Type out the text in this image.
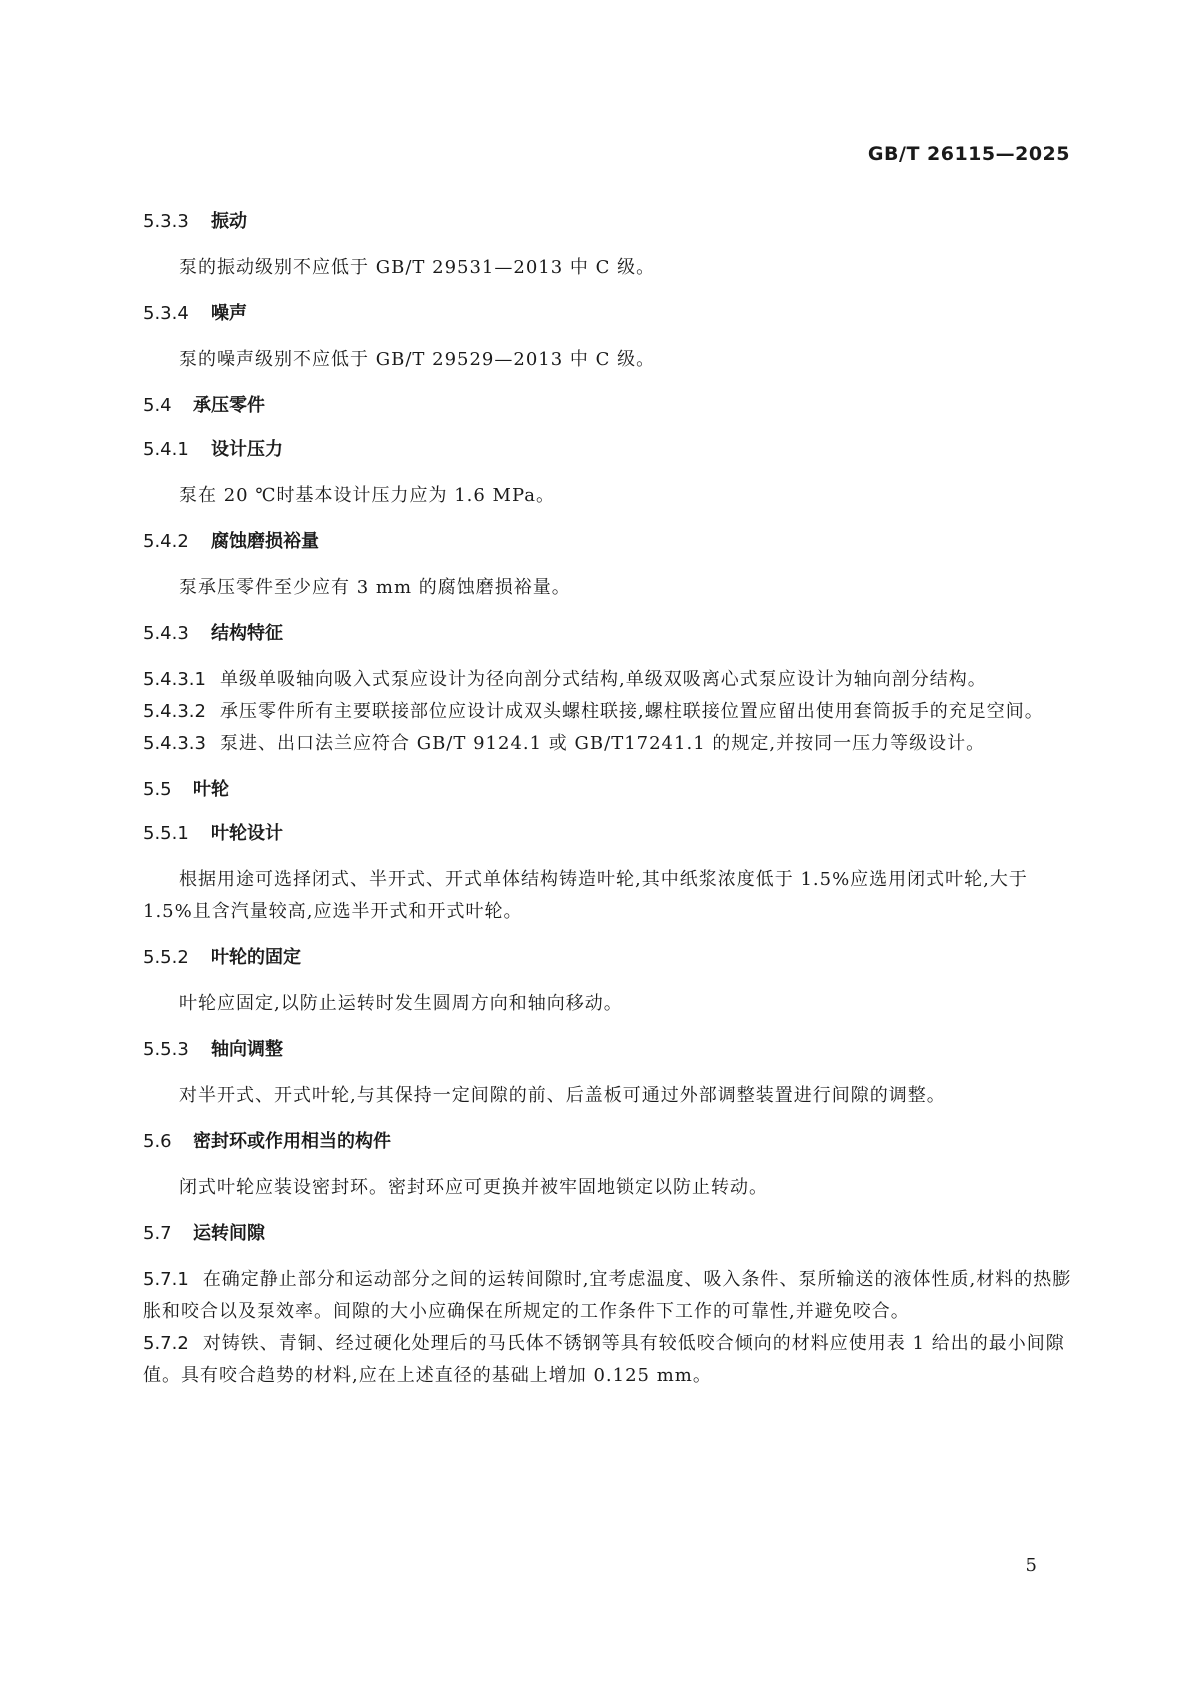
GB/T 26115—2025
5.3.3 振动

泵的振动级别不应低于 GB/T 29531—2013 中 C 级。

5.3.4 噪声

泵的噪声级别不应低于 GB/T 29529—2013 中 C 级。

5.4 承压零件
5.4.1 设计压力

泵在 20 ℃时基本设计压力应为 1.6 MPa。

5.4.2 腐蚀磨损裕量

泵承压零件至少应有 3 mm 的腐蚀磨损裕量。

5.4.3 结构特征

5.4.3.1 单级单吸轴向吸入式泵应设计为径向剖分式结构,单级双吸离心式泵应设计为轴向剖分结构。

5.4.3.2 承压零件所有主要联接部位应设计成双头螺柱联接,螺柱联接位置应留出使用套筒扳手的充足空间。

5.4.3.3 泵进、出口法兰应符合 GB/T 9124.1 或 GB/T17241.1 的规定,并按同一压力等级设计。

5.5 叶轮
5.5.1 叶轮设计

根据用途可选择闭式、半开式、开式单体结构铸造叶轮,其中纸浆浓度低于 1.5%应选用闭式叶轮,大于 1.5%且含汽量较高,应选半开式和开式叶轮。

5.5.2 叶轮的固定

叶轮应固定,以防止运转时发生圆周方向和轴向移动。

5.5.3 轴向调整

对半开式、开式叶轮,与其保持一定间隙的前、后盖板可通过外部调整装置进行间隙的调整。

5.6 密封环或作用相当的构件

闭式叶轮应装设密封环。密封环应可更换并被牢固地锁定以防止转动。

5.7 运转间隙

5.7.1 在确定静止部分和运动部分之间的运转间隙时,宜考虑温度、吸入条件、泵所输送的液体性质,材料的热膨胀和咬合以及泵效率。间隙的大小应确保在所规定的工作条件下工作的可靠性,并避免咬合。

5.7.2 对铸铁、青铜、经过硬化处理后的马氏体不锈钢等具有较低咬合倾向的材料应使用表 1 给出的最小间隙值。具有咬合趋势的材料,应在上述直径的基础上增加 0.125 mm。

5
